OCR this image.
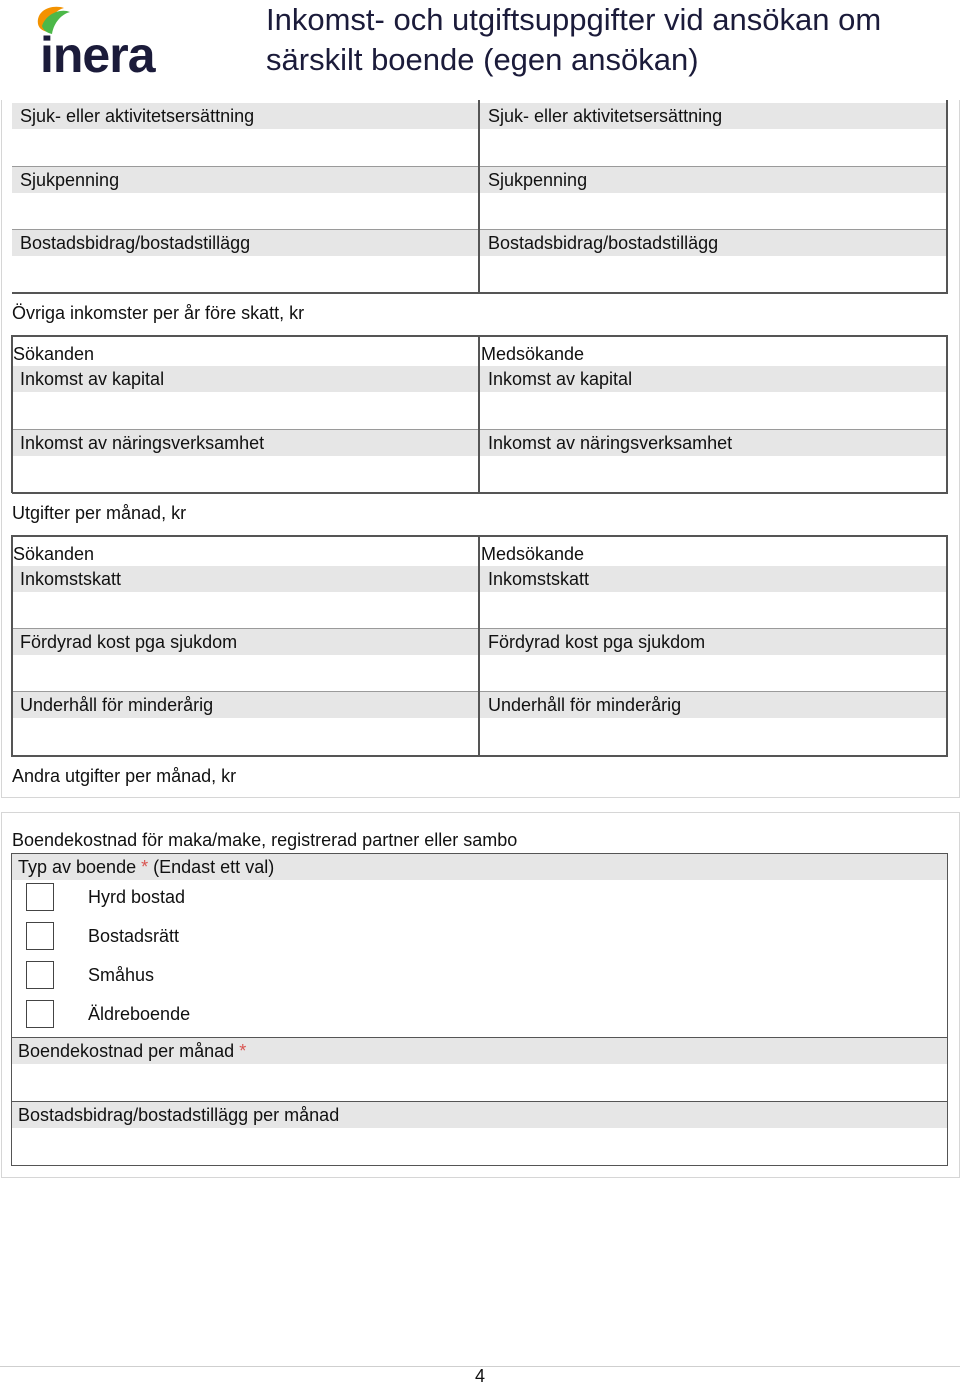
inera
Inkomst- och utgiftsuppgifter vid ansökan om
särskilt boende (egen ansökan)
Sjuk- eller aktivitetsersättning	Sjuk- eller aktivitetsersättning
Sjukpenning	Sjukpenning
Bostadsbidrag/bostadstillägg	Bostadsbidrag/bostadstillägg
Övriga inkomster per år före skatt, kr
Sökanden	Medsökande
Inkomst av kapital	Inkomst av kapital
Inkomst av näringsverksamhet	Inkomst av näringsverksamhet
Utgifter per månad, kr
Sökanden	Medsökande
Inkomstskatt	Inkomstskatt
Fördyrad kost pga sjukdom	Fördyrad kost pga sjukdom
Underhåll för minderårig	Underhåll för minderårig
Andra utgifter per månad, kr
Boendekostnad för maka/make, registrerad partner eller sambo
Typ av boende * (Endast ett val)
Boendekostnad per månad *
Bostadsbidrag/bostadstillägg per månad
Hyrd bostad
Bostadsrätt
Småhus
Äldreboende
4
